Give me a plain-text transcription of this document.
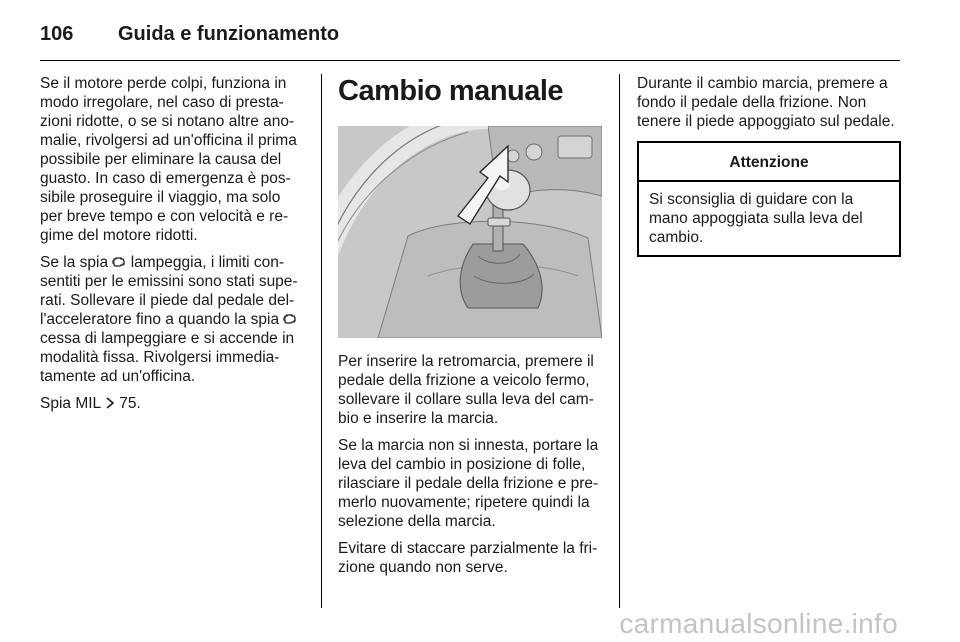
106	Guida e funzionamento

Se il motore perde colpi, funziona in modo irregolare, nel caso di presta-zioni ridotte, o se si notano altre ano-malie, rivolgersi ad un'officina il prima possibile per eliminare la causa del guasto. In caso di emergenza è pos-sibile proseguire il viaggio, ma solo per breve tempo e con velocità e re-gime del motore ridotti.

Se la spia lampeggia, i limiti con-sentiti per le emissini sono stati supe-rati. Sollevare il piede dal pedale del-l'acceleratore fino a quando la spia  cessa di lampeggiare e si accende in modalità fissa. Rivolgersi immedia-tamente ad un'officina.

Spia MIL 75.

Cambio manuale

Per inserire la retromarcia, premere il pedale della frizione a veicolo fermo, sollevare il collare sulla leva del cam-bio e inserire la marcia.

Se la marcia non si innesta, portare la leva del cambio in posizione di folle, rilasciare il pedale della frizione e pre-merlo nuovamente; ripetere quindi la selezione della marcia.

Evitare di staccare parzialmente la fri-zione quando non serve.

Durante il cambio marcia, premere a fondo il pedale della frizione. Non tenere il piede appoggiato sul pedale.

Attenzione
Si sconsiglia di guidare con la mano appoggiata sulla leva del cambio.
carmanualsonline.info
